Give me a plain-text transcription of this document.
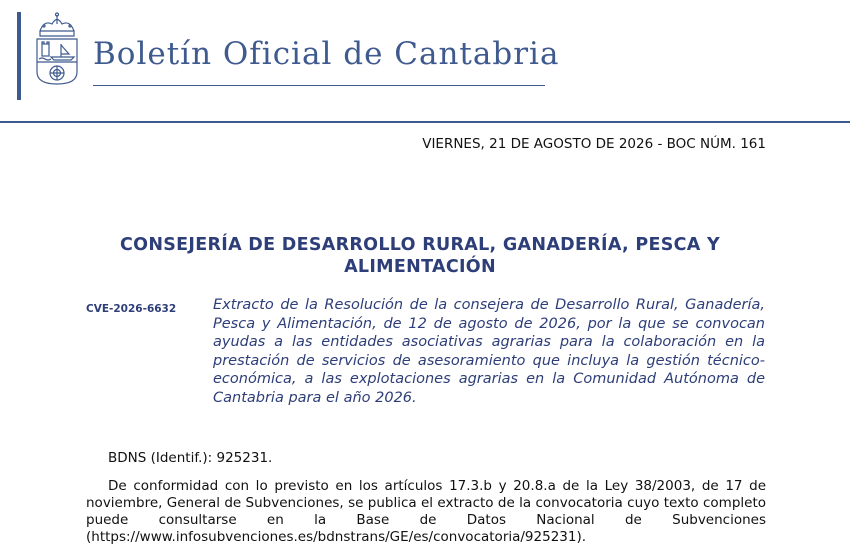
Boletín Oficial de Cantabria
VIERNES, 21 DE AGOSTO DE 2026 - BOC NÚM. 161
CONSEJERÍA DE DESARROLLO RURAL, GANADERÍA, PESCA Y ALIMENTACIÓN
CVE-2026-6632	Extracto de la Resolución de la consejera de Desarrollo Rural, Ganadería, Pesca y Alimentación, de 12 de agosto de 2026, por la que se convocan ayudas a las entidades asociativas agrarias para la colaboración en la prestación de servicios de asesoramiento que incluya la gestión técnico-económica, a las explotaciones agrarias en la Comunidad Autónoma de Cantabria para el año 2026.
BDNS (Identif.): 925231.
De conformidad con lo previsto en los artículos 17.3.b y 20.8.a de la Ley 38/2003, de 17 de noviembre, General de Subvenciones, se publica el extracto de la convocatoria cuyo texto completo puede consultarse en la Base de Datos Nacional de Subvenciones (https://www.infosubvenciones.es/bdnstrans/GE/es/convocatoria/925231).
